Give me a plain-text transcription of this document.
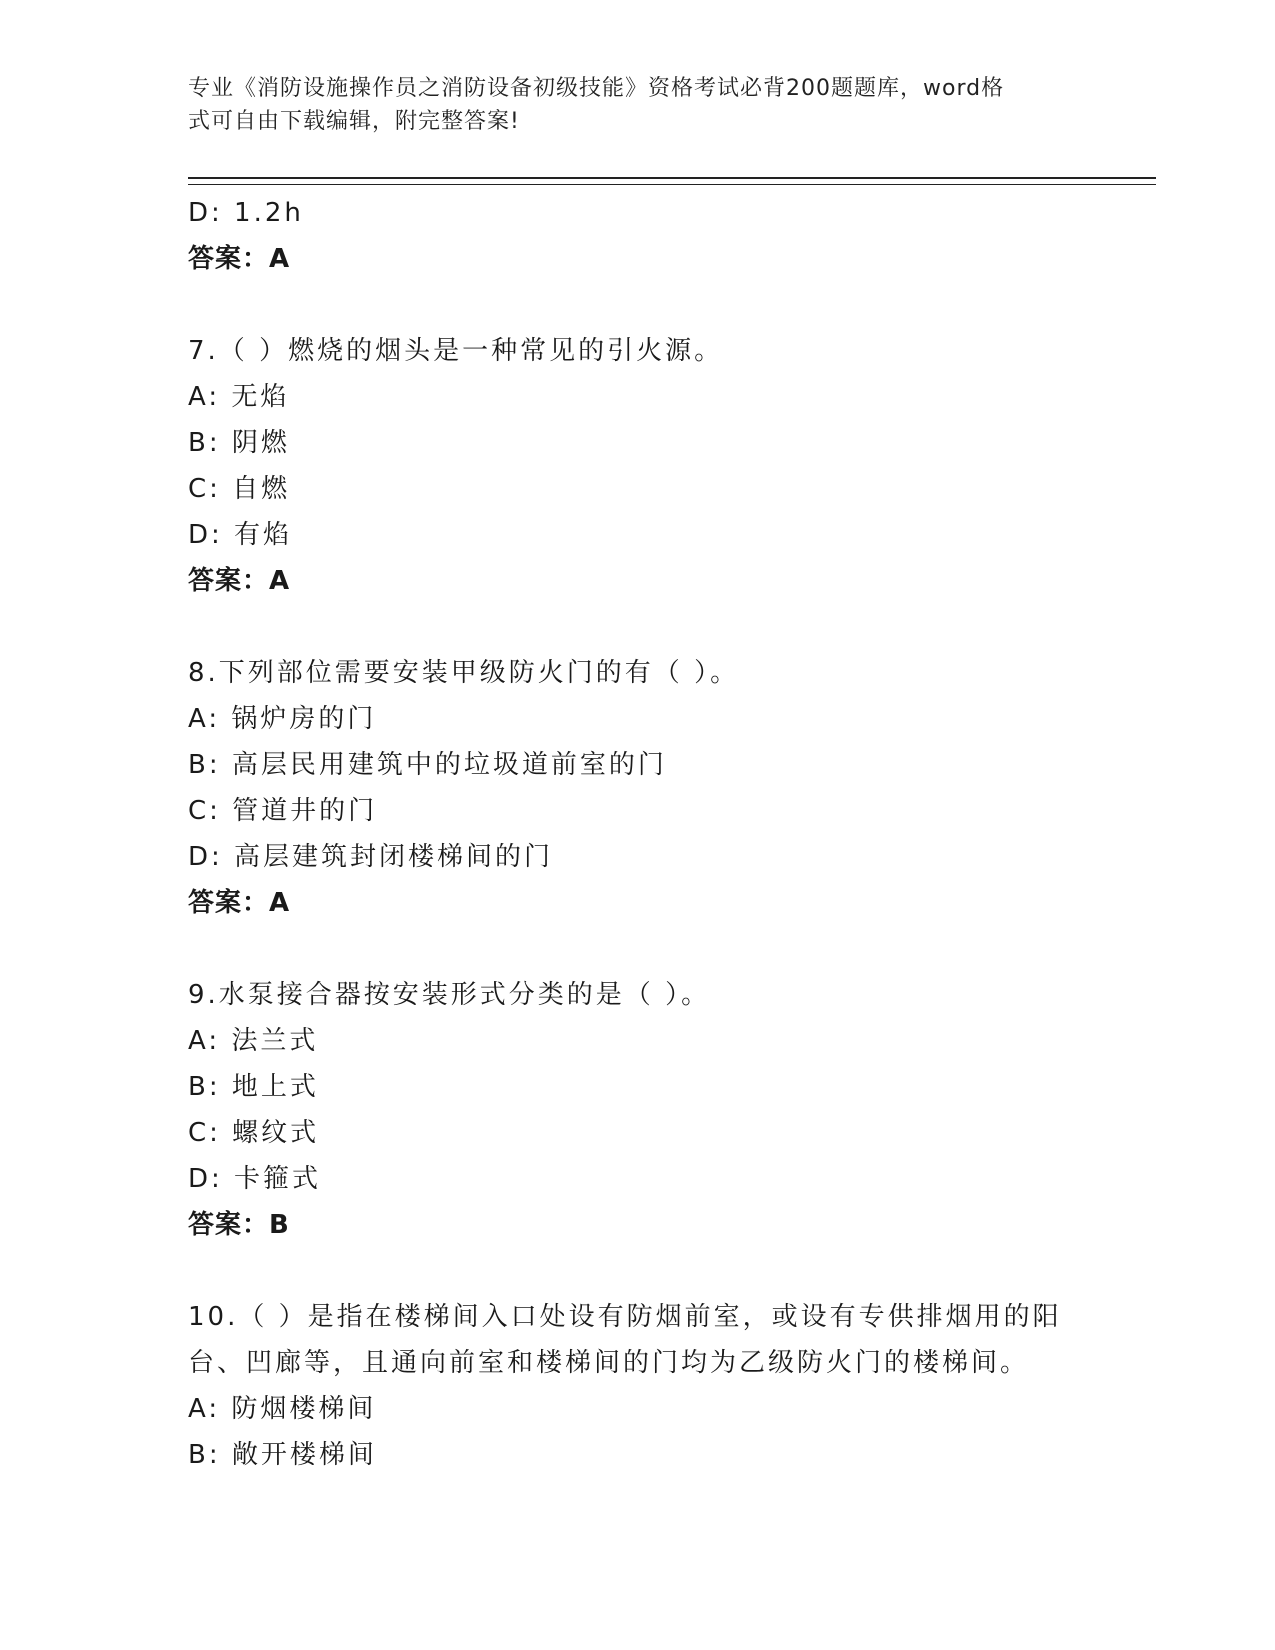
专业《消防设施操作员之消防设备初级技能》资格考试必背200题题库，word格
式可自由下载编辑，附完整答案!
D: 1.2h
答案：A
7.（ ）燃烧的烟头是一种常见的引火源。
A: 无焰
B: 阴燃
C: 自燃
D: 有焰
答案：A
8.下列部位需要安装甲级防火门的有（ ）。
A: 锅炉房的门
B: 高层民用建筑中的垃圾道前室的门
C: 管道井的门
D: 高层建筑封闭楼梯间的门
答案：A
9.水泵接合器按安装形式分类的是（ ）。
A: 法兰式
B: 地上式
C: 螺纹式
D: 卡箍式
答案：B
10.（ ）是指在楼梯间入口处设有防烟前室，或设有专供排烟用的阳
台、凹廊等，且通向前室和楼梯间的门均为乙级防火门的楼梯间。
A: 防烟楼梯间
B: 敞开楼梯间
